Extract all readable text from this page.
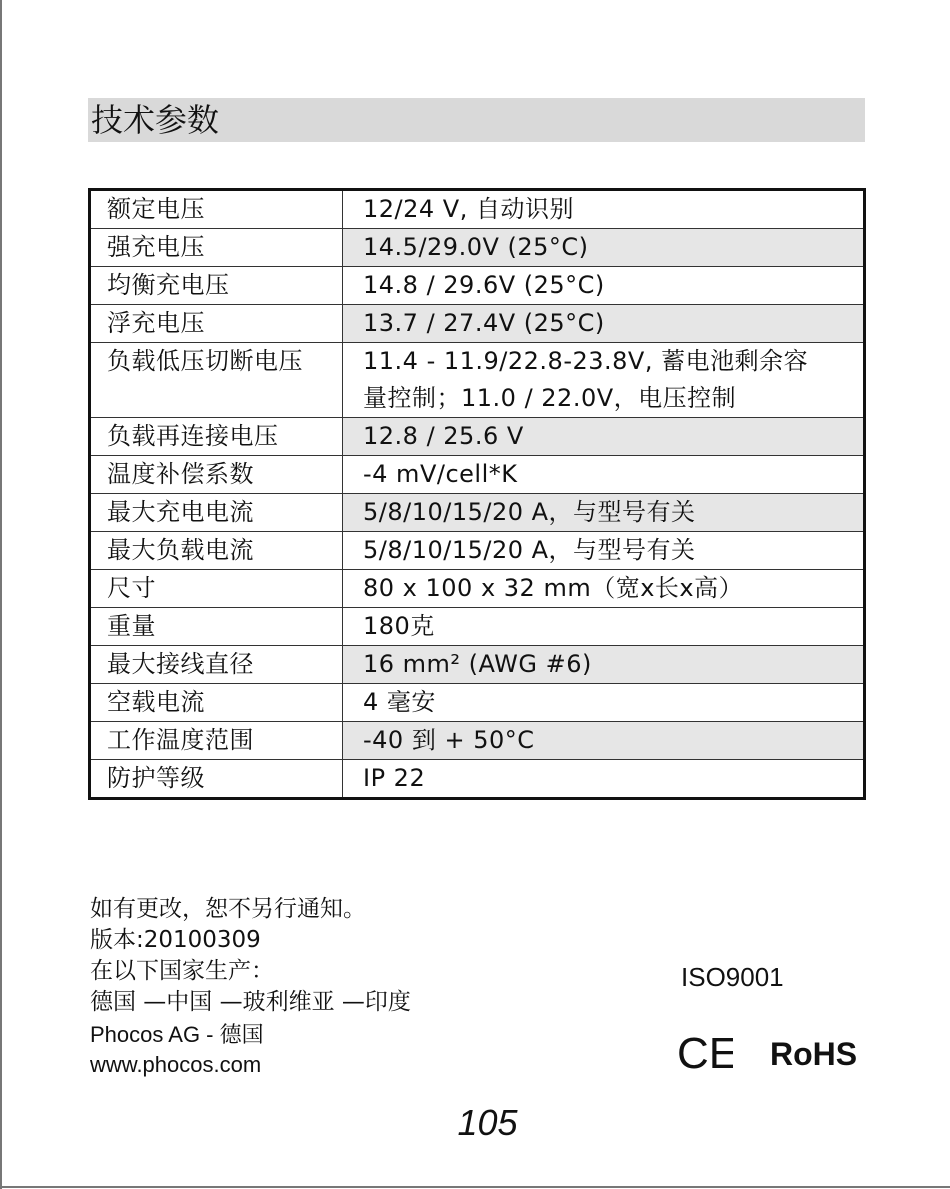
技术参数
额定电压	12/24 V, 自动识别

强充电压	14.5/29.0V (25°C)

均衡充电压	14.8 / 29.6V (25°C)

浮充电压	13.7 / 27.4V (25°C)

负载低压切断电压	11.4 - 11.9/22.8-23.8V, 蓄电池剩余容
量控制；11.0 / 22.0V，电压控制

负载再连接电压	12.8 / 25.6 V

温度补偿系数	-4 mV/cell*K

最大充电电流	5/8/10/15/20 A，与型号有关

最大负载电流	5/8/10/15/20 A，与型号有关

尺寸	80 x 100 x 32 mm（宽x长x高）

重量	180克

最大接线直径	16 mm² (AWG #6)

空载电流	4 毫安

工作温度范围	-40 到 + 50°C

防护等级	IP 22
如有更改，恕不另行通知。
版本:20100309
在以下国家生产：
德国 —中国 —玻利维亚 —印度
Phocos AG - 德国
www.phocos.com
ISO9001
CE RoHS
105
